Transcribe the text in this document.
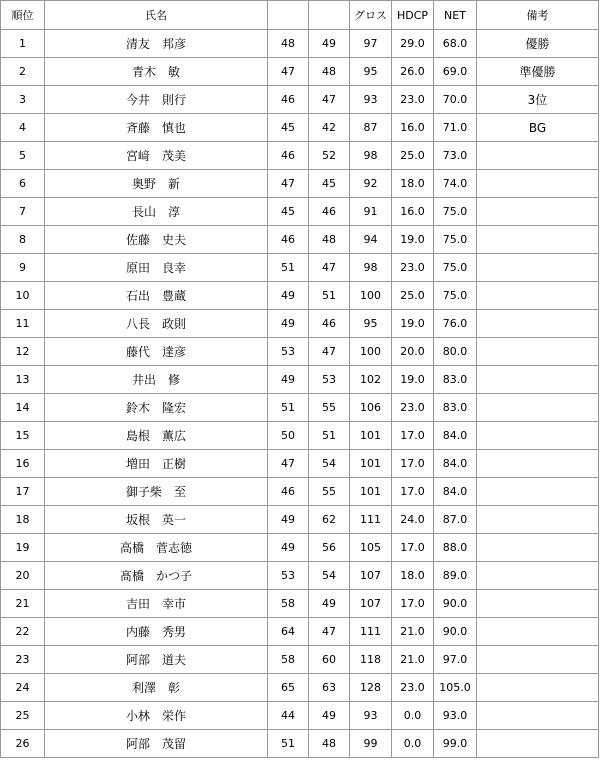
順位	氏名			グロス	HDCP	NET	備考
1	清友　邦彦	48	49	97	29.0	68.0	優勝
2	青木　敏	47	48	95	26.0	69.0	準優勝
3	今井　則行	46	47	93	23.0	70.0	3位
4	斉藤　慎也	45	42	87	16.0	71.0	BG
5	宮﨑　茂美	46	52	98	25.0	73.0	
6	奥野　新	47	45	92	18.0	74.0	
7	長山　淳	45	46	91	16.0	75.0	
8	佐藤　史夫	46	48	94	19.0	75.0	
9	原田　良幸	51	47	98	23.0	75.0	
10	石出　豊蔵	49	51	100	25.0	75.0	
11	八長　政則	49	46	95	19.0	76.0	
12	藤代　達彦	53	47	100	20.0	80.0	
13	井出　修	49	53	102	19.0	83.0	
14	鈴木　隆宏	51	55	106	23.0	83.0	
15	島根　薫広	50	51	101	17.0	84.0	
16	増田　正樹	47	54	101	17.0	84.0	
17	御子柴　至	46	55	101	17.0	84.0	
18	坂根　英一	49	62	111	24.0	87.0	
19	高橋　菅志徳	49	56	105	17.0	88.0	
20	髙橋　かつ子	53	54	107	18.0	89.0	
21	吉田　幸市	58	49	107	17.0	90.0	
22	内藤　秀男	64	47	111	21.0	90.0	
23	阿部　道夫	58	60	118	21.0	97.0	
24	利澤　彰	65	63	128	23.0	105.0	
25	小林　栄作	44	49	93	0.0	93.0	
26	阿部　茂留	51	48	99	0.0	99.0	
